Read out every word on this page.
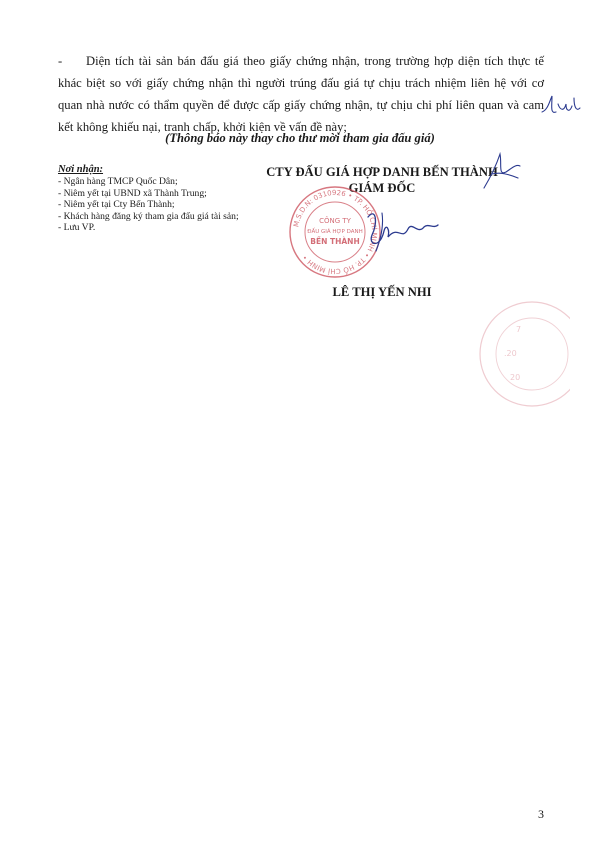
- Diện tích tài sản bán đấu giá theo giấy chứng nhận, trong trường hợp diện tích thực tế khác biệt so với giấy chứng nhận thì người trúng đấu giá tự chịu trách nhiệm liên hệ với cơ quan nhà nước có thẩm quyền để được cấp giấy chứng nhận, tự chịu chi phí liên quan và cam kết không khiếu nại, tranh chấp, khởi kiện về vấn đề này;
(Thông báo này thay cho thư mời tham gia đấu giá)
Nơi nhận:
- Ngân hàng TMCP Quốc Dân;
- Niêm yết tại UBND xã Thành Trung;
- Niêm yết tại Cty Bến Thành;
- Khách hàng đăng ký tham gia đấu giá tài sản;
- Lưu VP.
CTY ĐẤU GIÁ HỢP DANH BẾN THÀNH
GIÁM ĐỐC
M.S.D.N: 0310926 • TP. HỒ CHÍ MINH • TP. HỒ CHÍ MINH •
CÔNG TY
ĐẤU GIÁ HỢP DANH
BẾN THÀNH
7
.20
20
LÊ THỊ YẾN NHI
3
